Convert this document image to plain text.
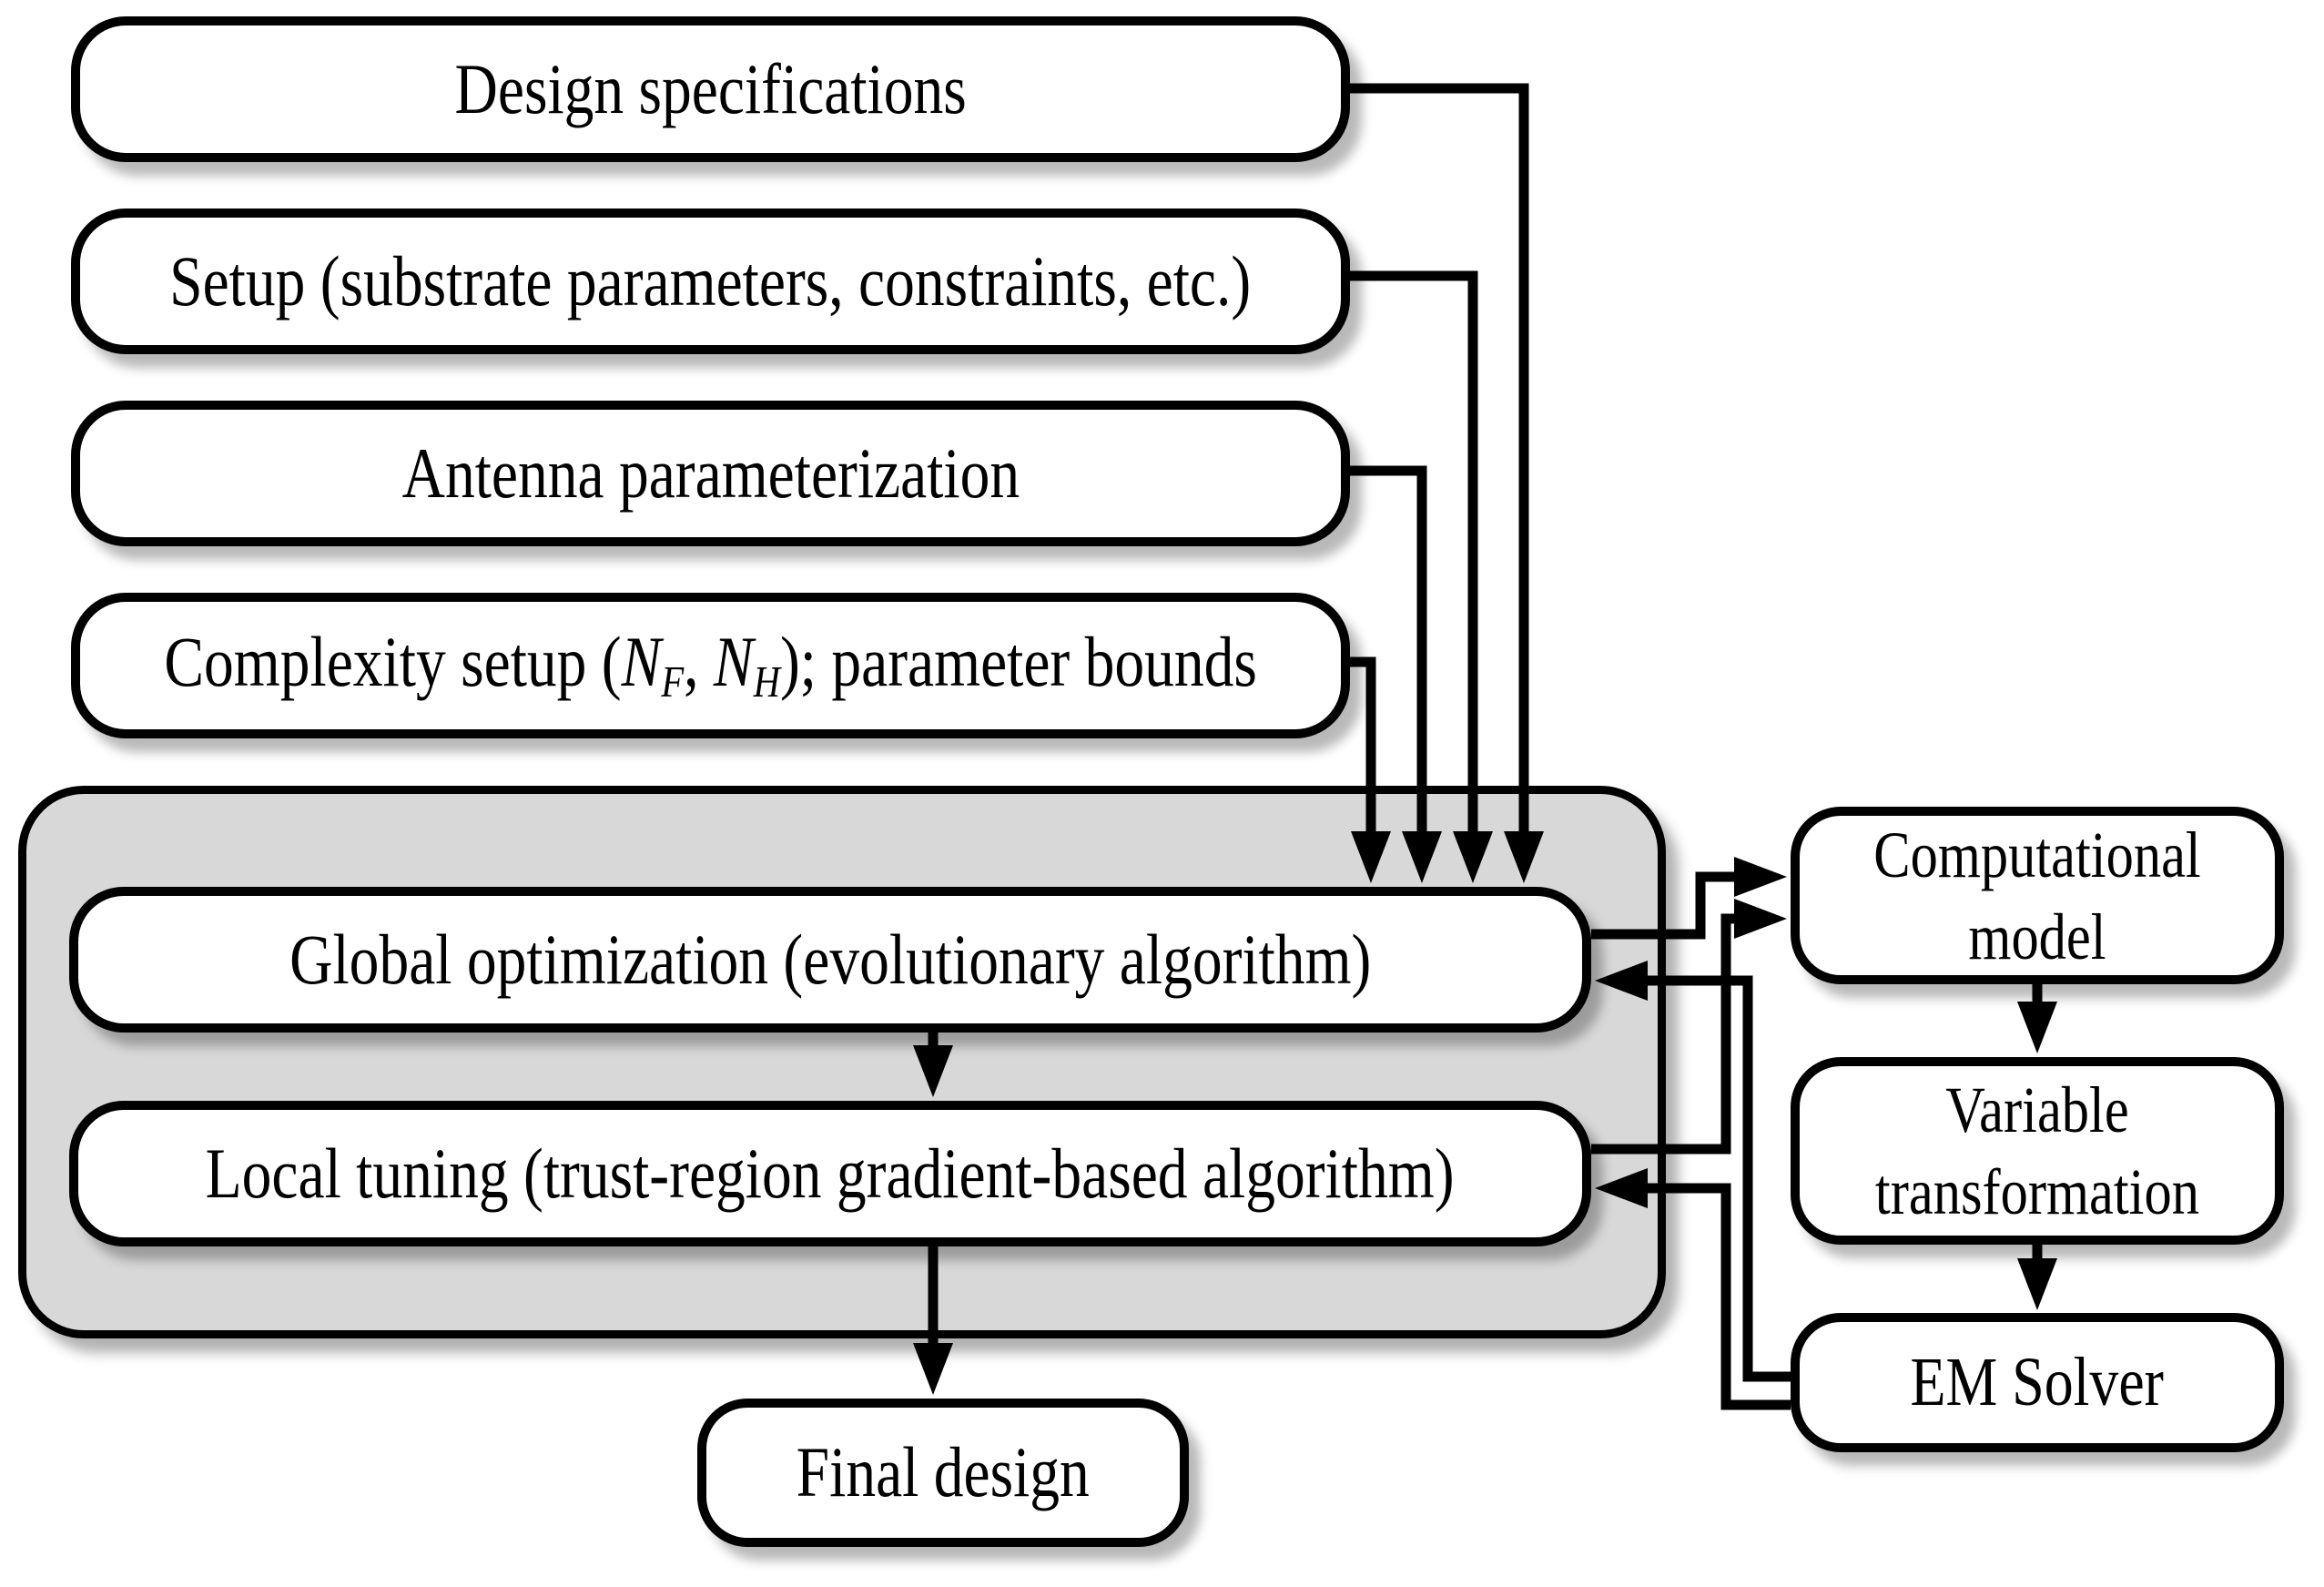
Design specifications
Setup (substrate parameters, constraints, etc.)
Antenna parameterization
Complexity setup ($N_F$, $N_H$); parameter bounds
Global optimization (evolutionary algorithm)
Local tuning (trust-region gradient-based algorithm)
Final design
Computational
model
Variable
transformation
EM Solver
